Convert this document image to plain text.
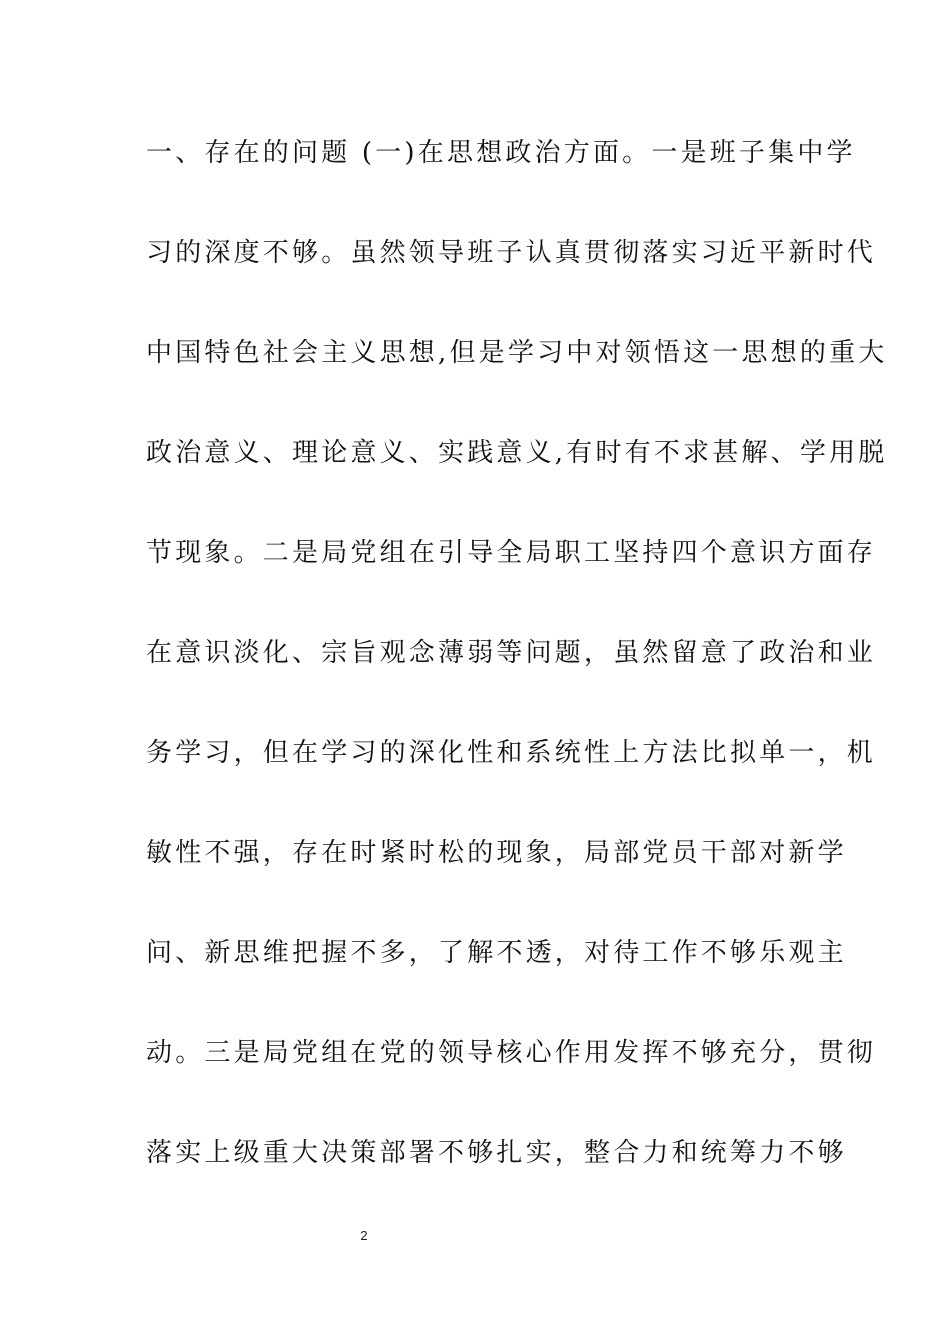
一、存在的问题 (一)在思想政治方面。一是班子集中学
习的深度不够。虽然领导班子认真贯彻落实习近平新时代
中国特色社会主义思想,但是学习中对领悟这一思想的重大
政治意义、理论意义、实践意义,有时有不求甚解、学用脱
节现象。二是局党组在引导全局职工坚持四个意识方面存
在意识淡化、宗旨观念薄弱等问题，虽然留意了政治和业
务学习，但在学习的深化性和系统性上方法比拟单一，机
敏性不强，存在时紧时松的现象，局部党员干部对新学
问、新思维把握不多，了解不透，对待工作不够乐观主
动。三是局党组在党的领导核心作用发挥不够充分，贯彻
落实上级重大决策部署不够扎实，整合力和统筹力不够
2
